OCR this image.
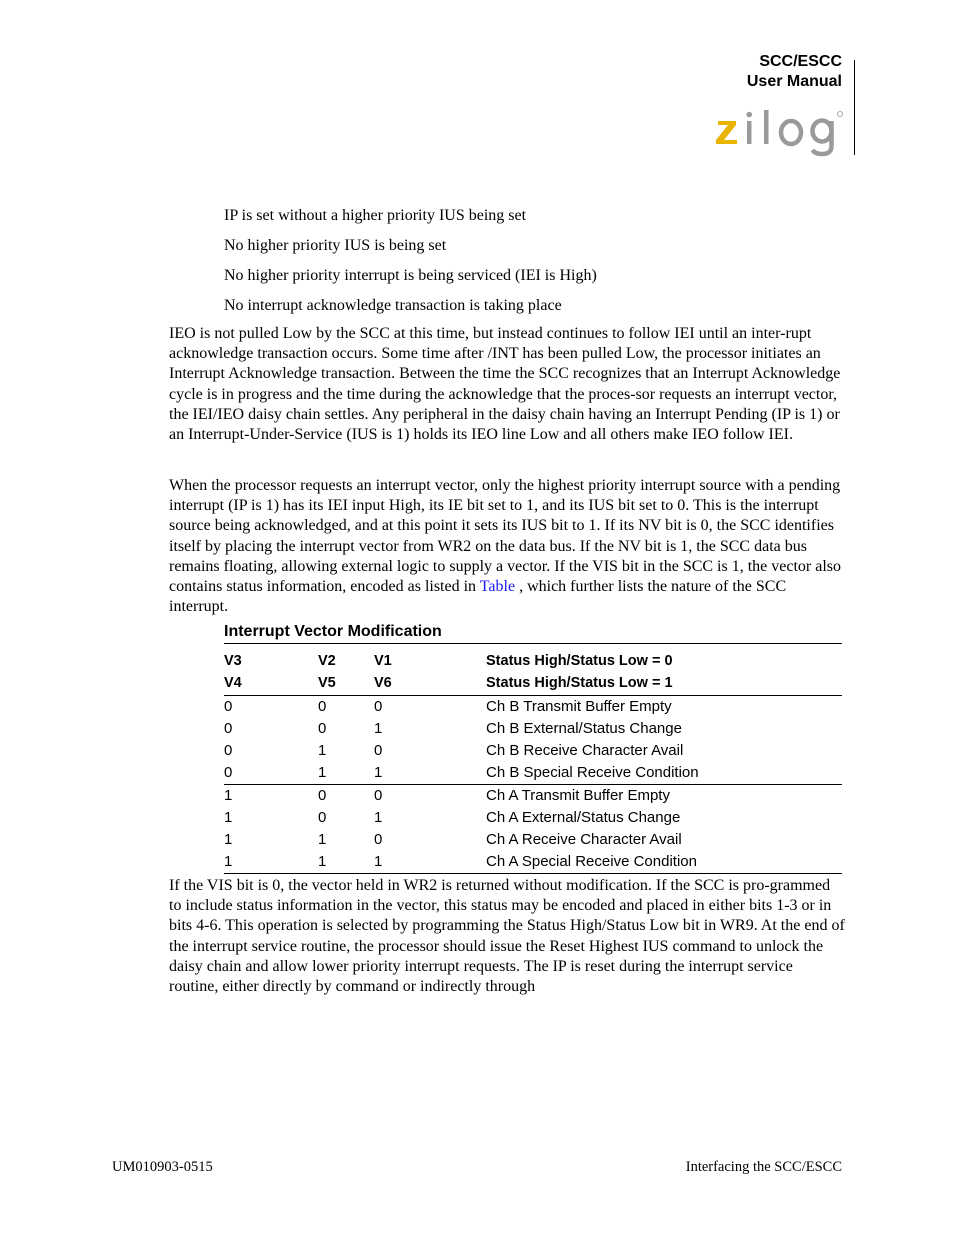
SCC/ESCC
User Manual
IP is set without a higher priority IUS being set
No higher priority IUS is being set
No higher priority interrupt is being serviced (IEI is High)
No interrupt acknowledge transaction is taking place

IEO is not pulled Low by the SCC at this time, but instead continues to follow IEI until an inter-rupt acknowledge transaction occurs. Some time after /INT has been pulled Low, the processor initiates an Interrupt Acknowledge transaction. Between the time the SCC recognizes that an Interrupt Acknowledge cycle is in progress and the time during the acknowledge that the proces-sor requests an interrupt vector, the IEI/IEO daisy chain settles. Any peripheral in the daisy chain having an Interrupt Pending (IP is 1) or an Interrupt-Under-Service (IUS is 1) holds its IEO line Low and all others make IEO follow IEI.

When the processor requests an interrupt vector, only the highest priority interrupt source with a pending interrupt (IP is 1) has its IEI input High, its IE bit set to 1, and its IUS bit set to 0. This is the interrupt source being acknowledged, and at this point it sets its IUS bit to 1. If its NV bit is 0, the SCC identifies itself by placing the interrupt vector from WR2 on the data bus. If the NV bit is 1, the SCC data bus remains floating, allowing external logic to supply a vector. If the VIS bit in the SCC is 1, the vector also contains status information, encoded as listed in Table , which further lists the nature of the SCC interrupt.

Interrupt Vector Modification
V3	V2	V1	Status High/Status Low = 0
V4	V5	V6	Status High/Status Low = 1
0	0	0	Ch B Transmit Buffer Empty
0	0	1	Ch B External/Status Change
0	1	0	Ch B Receive Character Avail
0	1	1	Ch B Special Receive Condition
1	0	0	Ch A Transmit Buffer Empty
1	0	1	Ch A External/Status Change
1	1	0	Ch A Receive Character Avail
1	1	1	Ch A Special Receive Condition

If the VIS bit is 0, the vector held in WR2 is returned without modification. If the SCC is pro-grammed to include status information in the vector, this status may be encoded and placed in either bits 1-3 or in bits 4-6. This operation is selected by programming the Status High/Status Low bit in WR9. At the end of the interrupt service routine, the processor should issue the Reset Highest IUS command to unlock the daisy chain and allow lower priority interrupt requests. The IP is reset during the interrupt service routine, either directly by command or indirectly through

UM010903-0515	Interfacing the SCC/ESCC
